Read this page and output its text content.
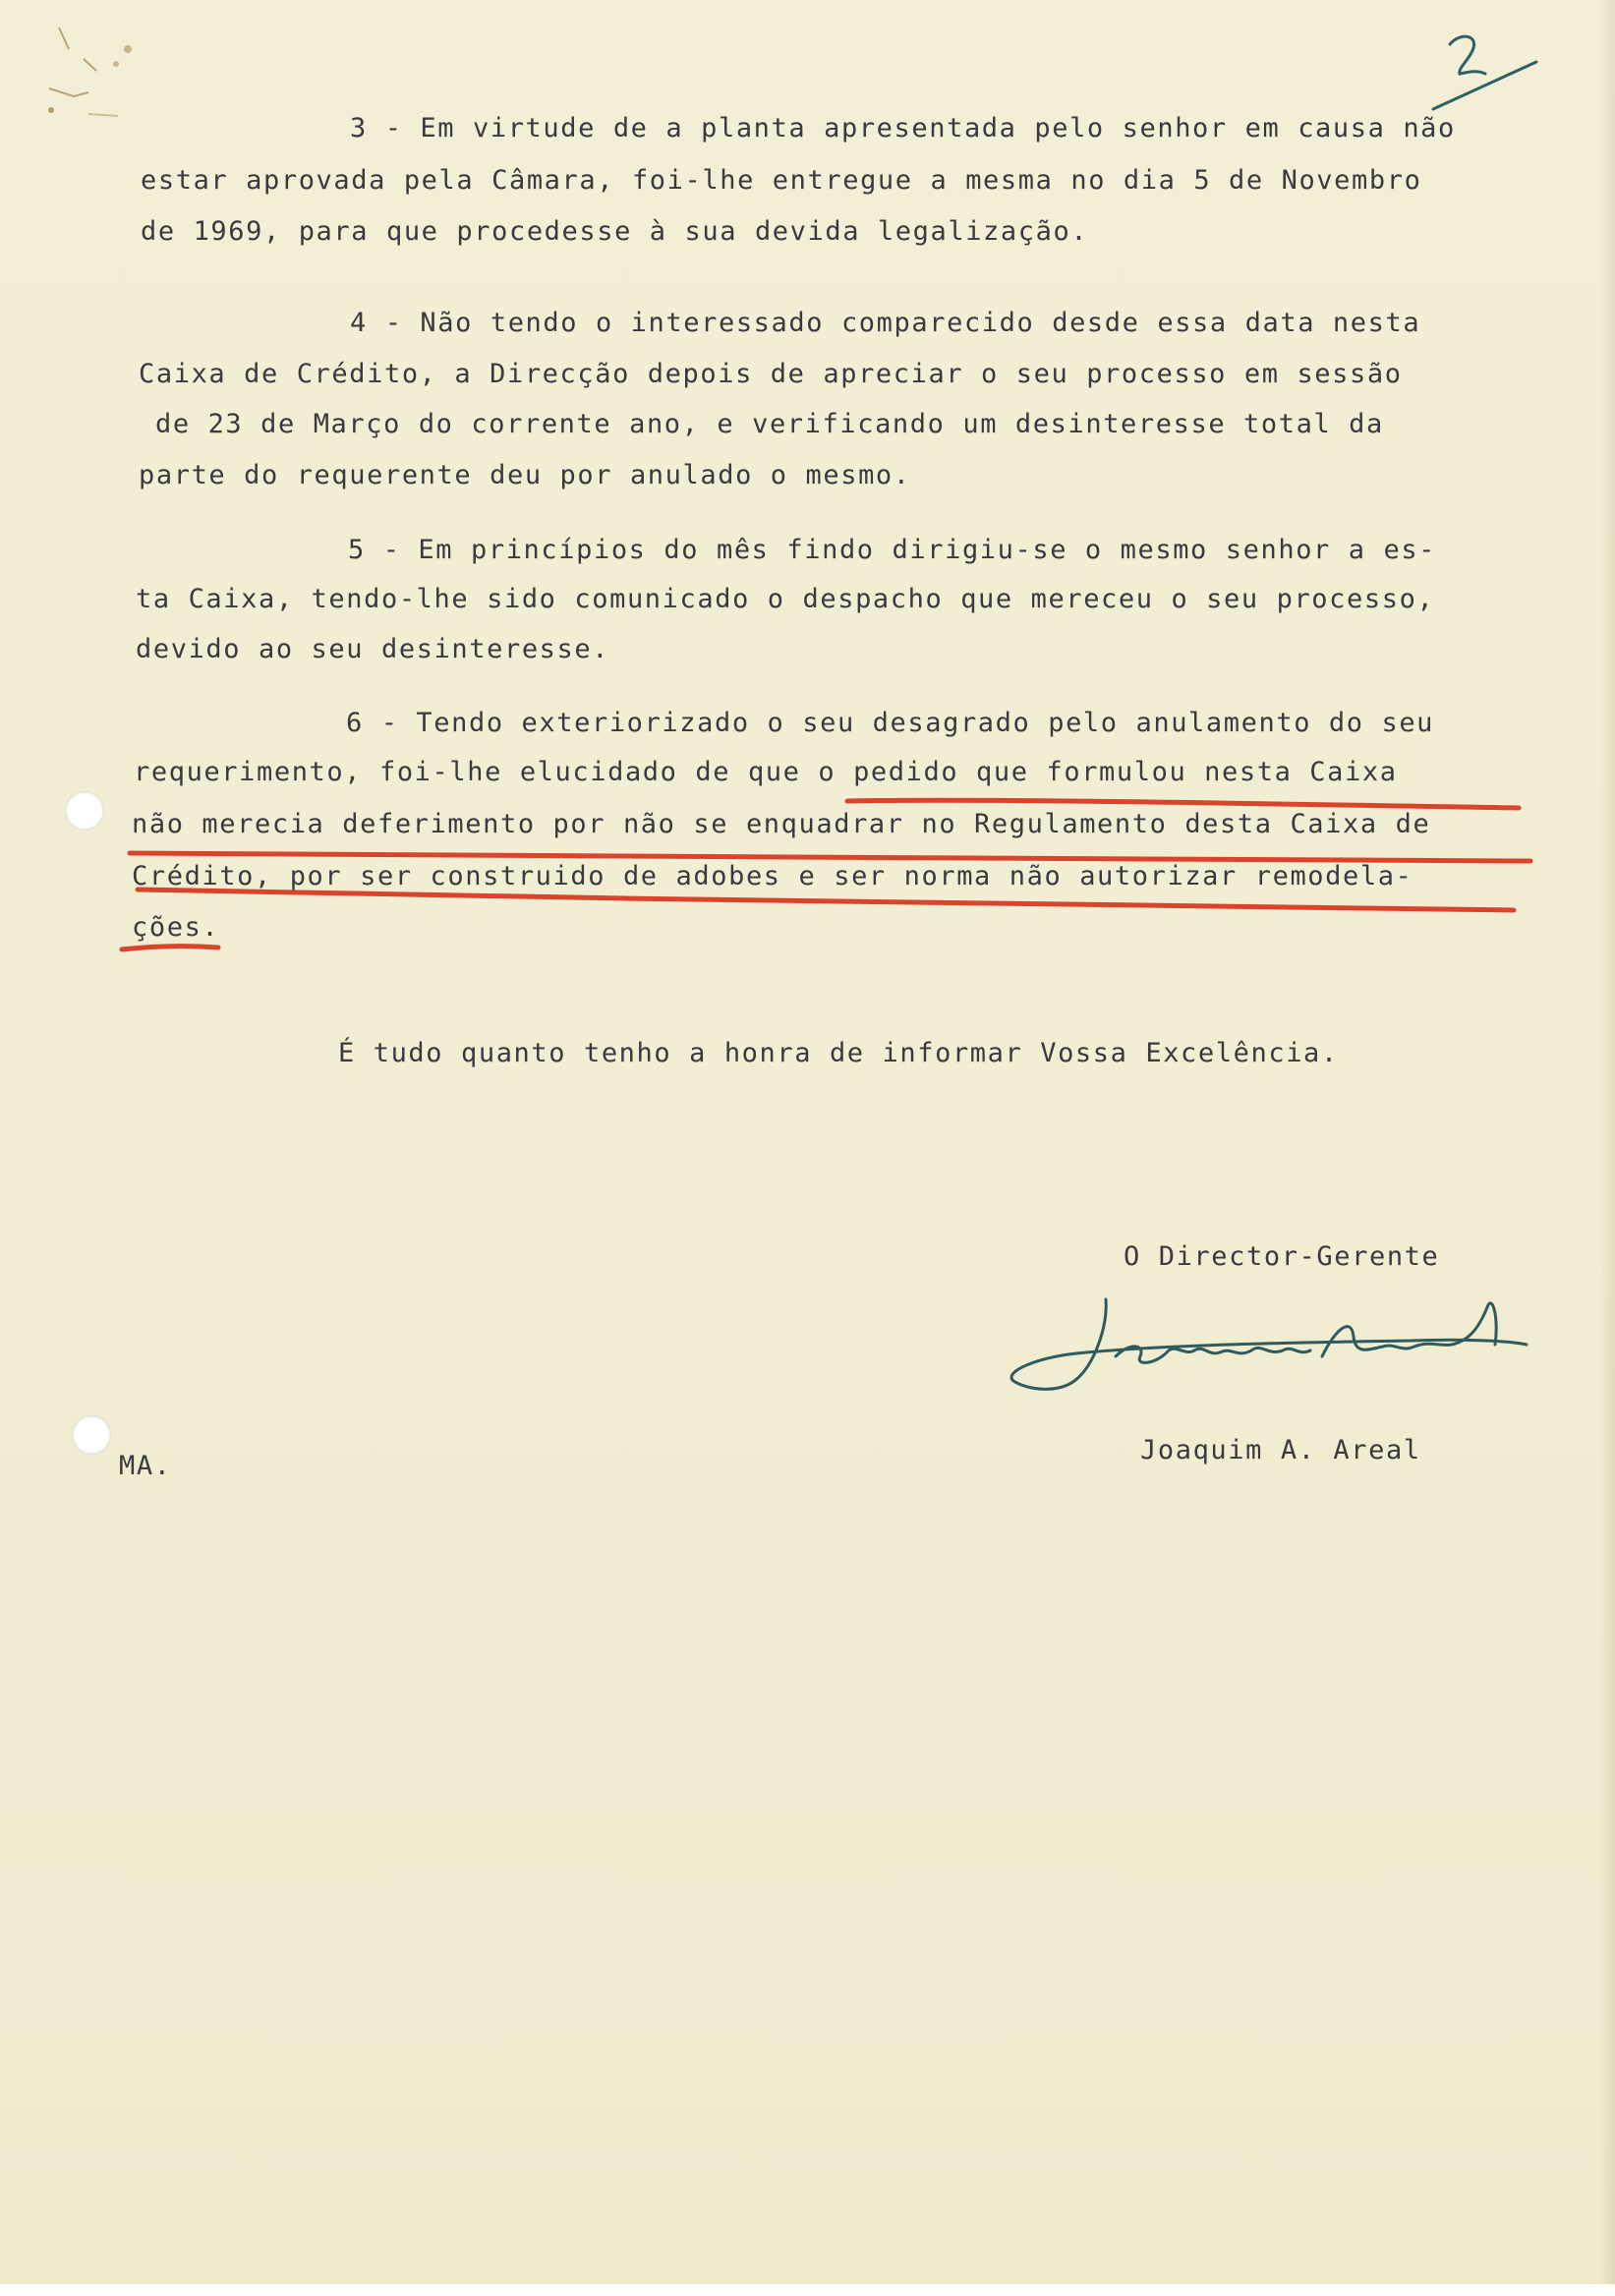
3 - Em virtude de a planta apresentada pelo senhor em causa não
estar aprovada pela Câmara, foi-lhe entregue a mesma no dia 5 de Novembro
de 1969, para que procedesse à sua devida legalização.
4 - Não tendo o interessado comparecido desde essa data nesta
Caixa de Crédito, a Direcção depois de apreciar o seu processo em sessão
de 23 de Março do corrente ano, e verificando um desinteresse total da
parte do requerente deu por anulado o mesmo.
5 - Em princípios do mês findo dirigiu-se o mesmo senhor a es-
ta Caixa, tendo-lhe sido comunicado o despacho que mereceu o seu processo,
devido ao seu desinteresse.
6 - Tendo exteriorizado o seu desagrado pelo anulamento do seu
requerimento, foi-lhe elucidado de que o pedido que formulou nesta Caixa
não merecia deferimento por não se enquadrar no Regulamento desta Caixa de
Crédito, por ser construido de adobes e ser norma não autorizar remodela-
ções.
É tudo quanto tenho a honra de informar Vossa Excelência.
O Director-Gerente
Joaquim A. Areal
MA.
